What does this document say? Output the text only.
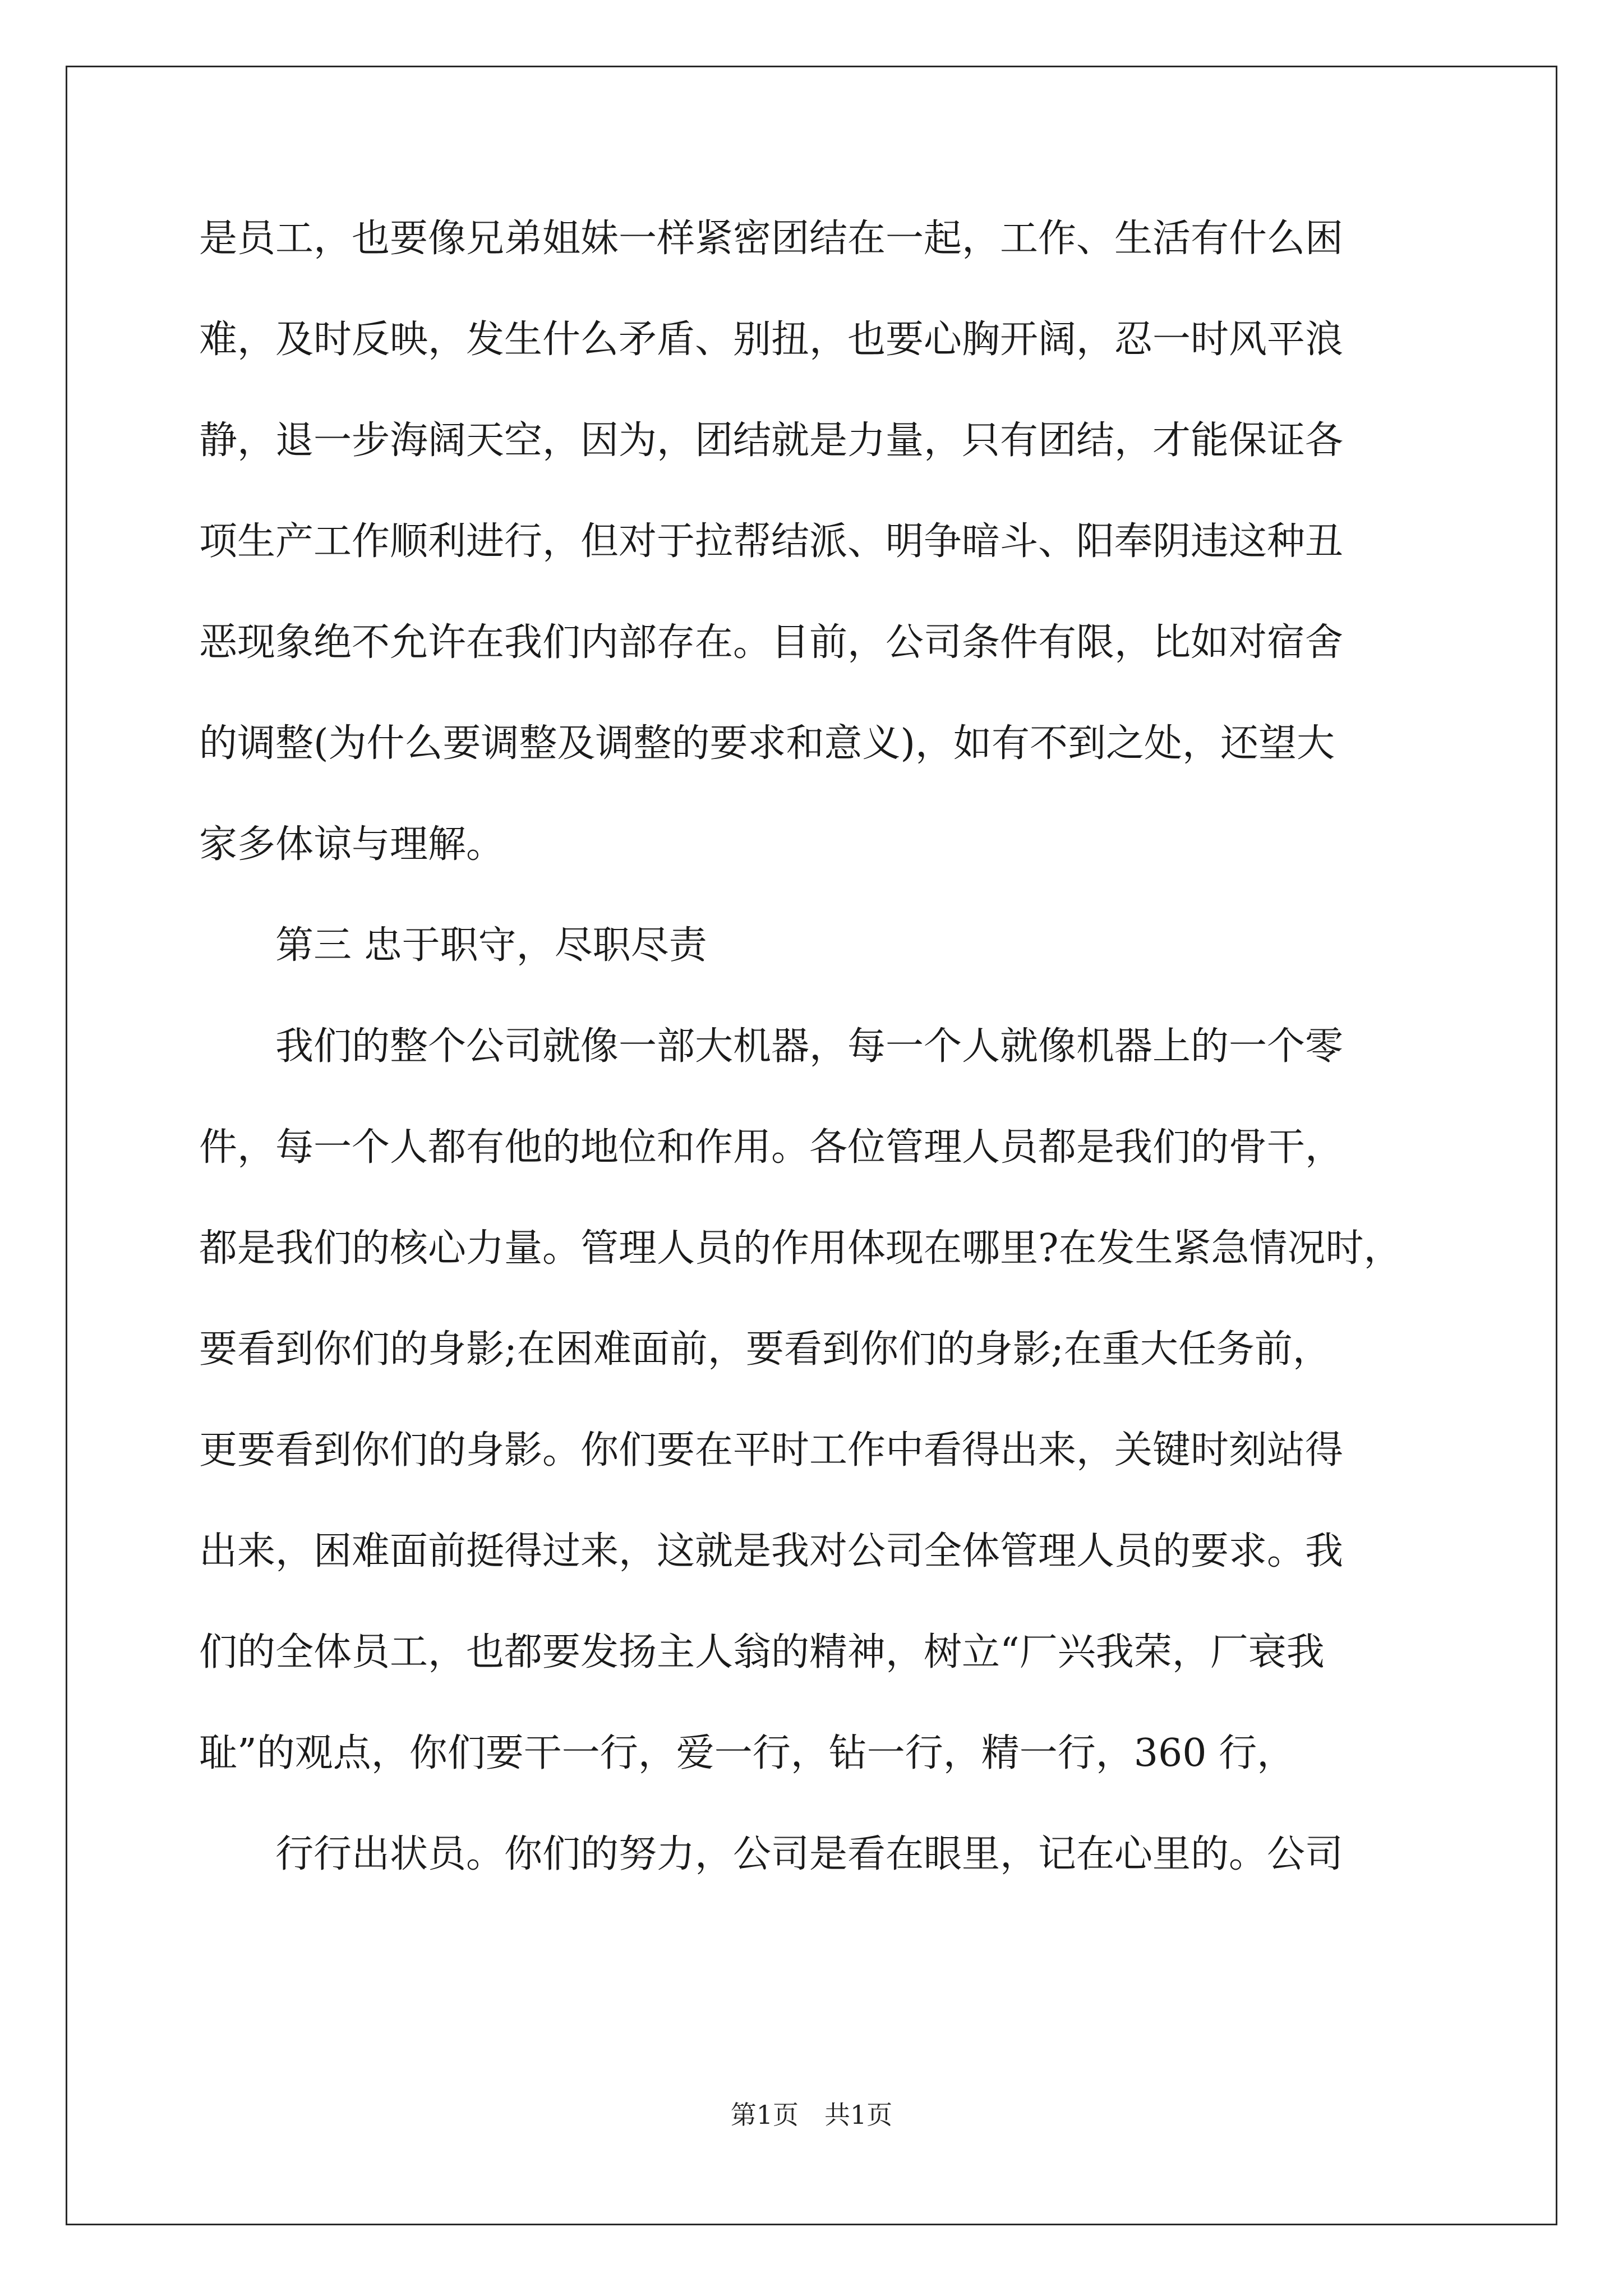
是员工，也要像兄弟姐妹一样紧密团结在一起，工作、生活有什么困
难，及时反映，发生什么矛盾、别扭，也要心胸开阔，忍一时风平浪
静，退一步海阔天空，因为，团结就是力量，只有团结，才能保证各
项生产工作顺利进行，但对于拉帮结派、明争暗斗、阳奉阴违这种丑
恶现象绝不允许在我们内部存在。目前，公司条件有限，比如对宿舍
的调整(为什么要调整及调整的要求和意义)，如有不到之处，还望大
家多体谅与理解。
　　第三 忠于职守，尽职尽责
　　我们的整个公司就像一部大机器，每一个人就像机器上的一个零
件，每一个人都有他的地位和作用。各位管理人员都是我们的骨干，
都是我们的核心力量。管理人员的作用体现在哪里?在发生紧急情况时，
要看到你们的身影;在困难面前，要看到你们的身影;在重大任务前，
更要看到你们的身影。你们要在平时工作中看得出来，关键时刻站得
出来，困难面前挺得过来，这就是我对公司全体管理人员的要求。我
们的全体员工，也都要发扬主人翁的精神，树立“厂兴我荣，厂衰我
耻”的观点，你们要干一行，爱一行，钻一行，精一行，360 行，
　　行行出状员。你们的努力，公司是看在眼里，记在心里的。公司
第1页　共1页
